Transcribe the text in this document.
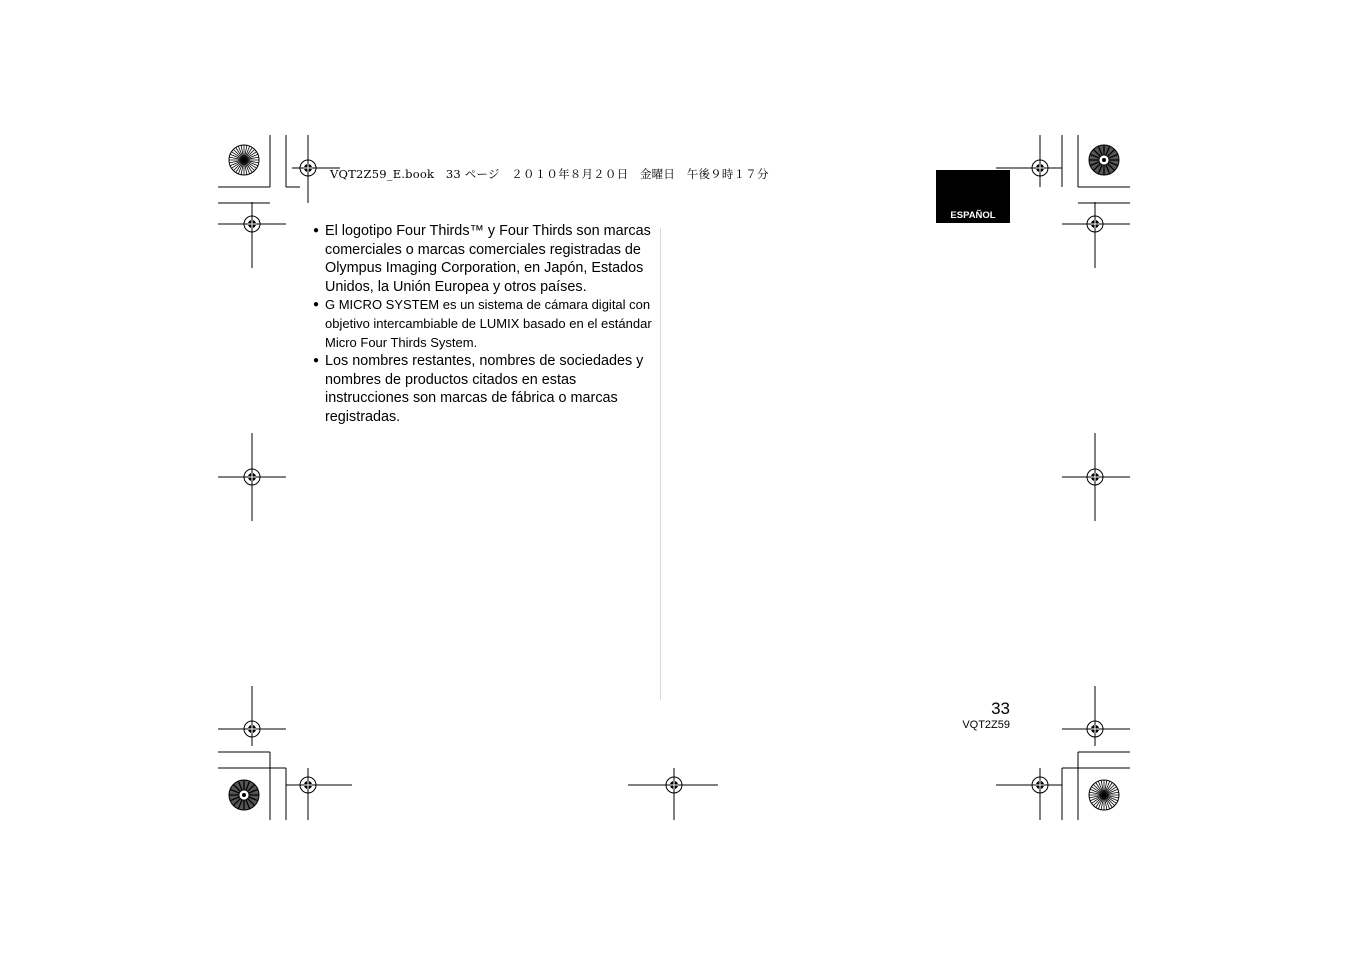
VQT2Z59_E.book　33 ページ　２０１０年８月２０日　金曜日　午後９時１７分
ESPAÑOL
● El logotipo Four Thirds™ y Four Thirds son marcas comerciales o marcas comerciales registradas de Olympus Imaging Corporation, en Japón, Estados Unidos, la Unión Europea y otros países.
● G MICRO SYSTEM es un sistema de cámara digital con objetivo intercambiable de LUMIX basado en el estándar Micro Four Thirds System.
● Los nombres restantes, nombres de sociedades y nombres de productos citados en estas instrucciones son marcas de fábrica o marcas registradas.
33
VQT2Z59
